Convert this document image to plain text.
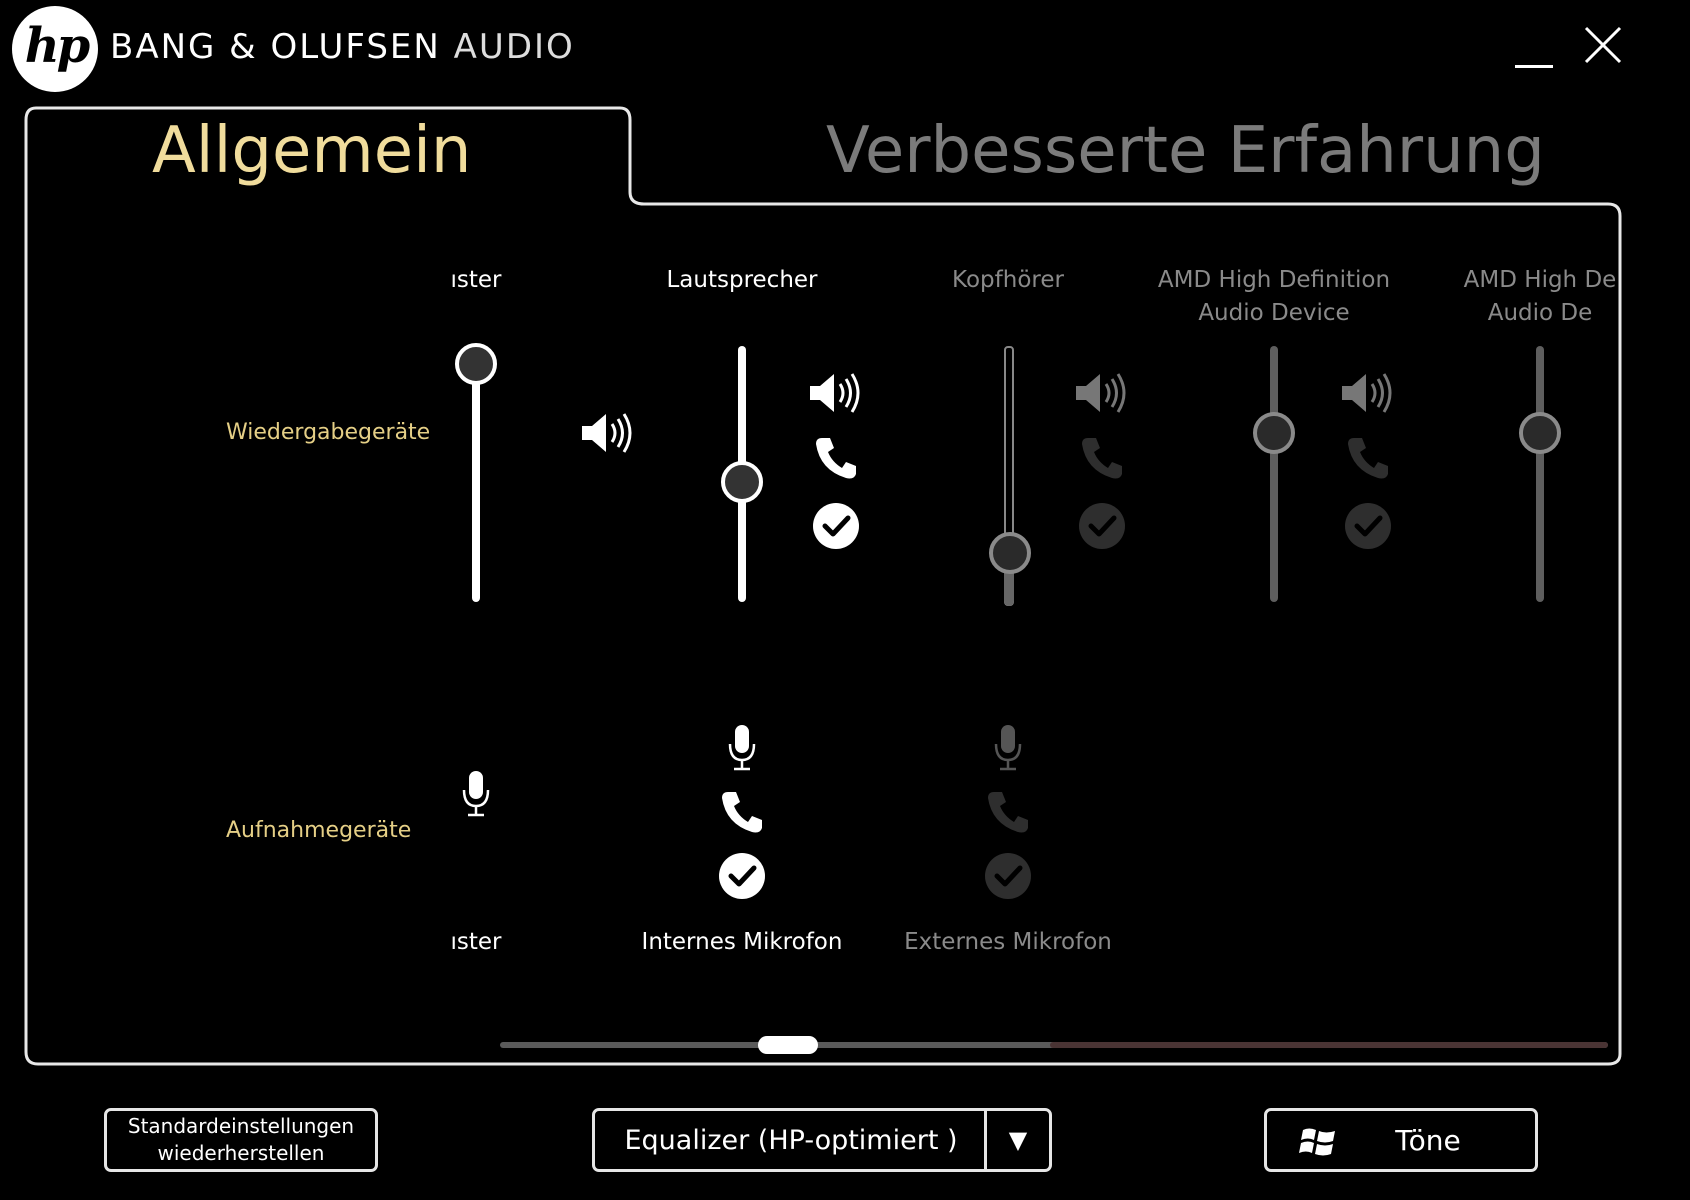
hp BANG & OLUFSEN AUDIO
Allgemein	Verbesserte Erfahrung
Wiedergabegeräte
Aufnahmegeräte
ıster	Lautsprecher	Kopfhörer	AMD High Definition
Audio Device
AMD High De
Audio De
ıster	Internes Mikrofon	Externes Mikrofon
Standardeinstellungen
wiederherstellen	Equalizer (HP-optimiert )	▼	Töne
